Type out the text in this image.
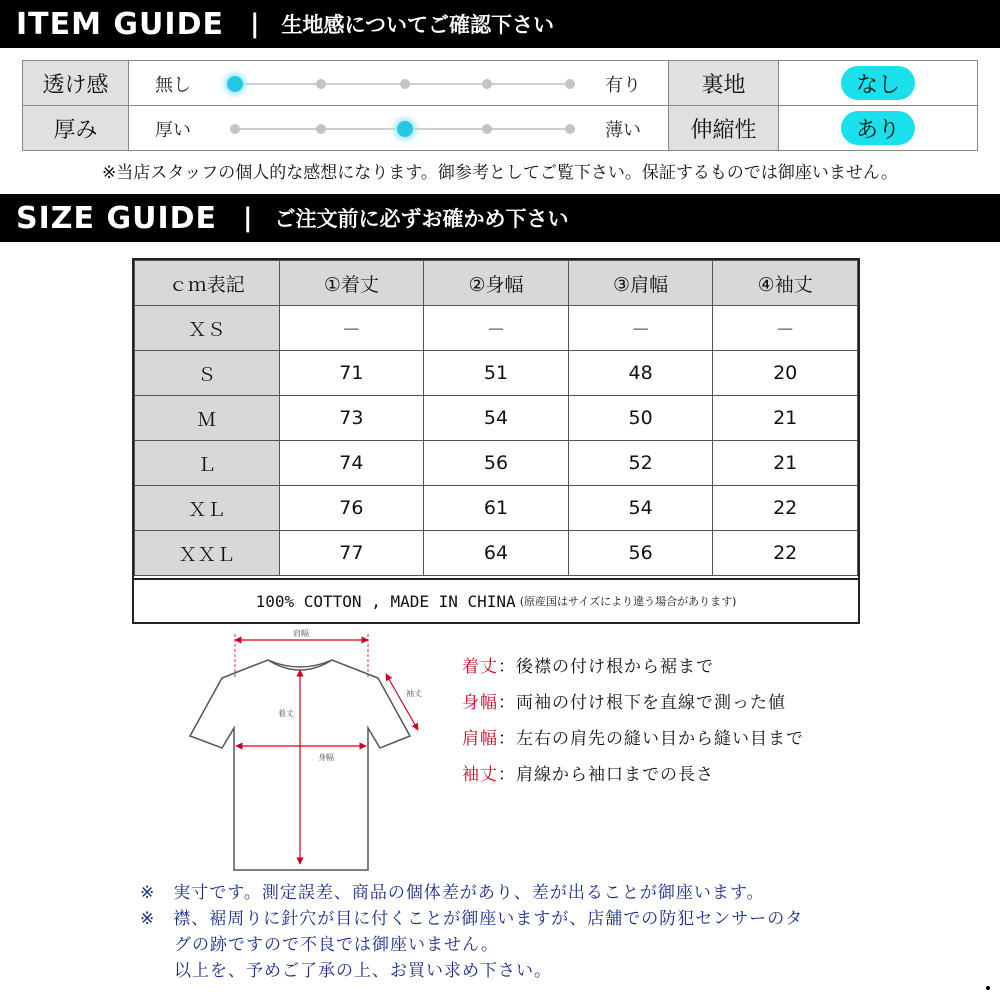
ITEM GUIDE | 生地感についてご確認下さい
透け感	無し	有り	裏地	なし
厚み	厚い	薄い	伸縮性	あり
※当店スタッフの個人的な感想になります。御参考としてご覧下さい。保証するものでは御座いません。
SIZE GUIDE | ご注文前に必ずお確かめ下さい
ｃｍ表記	①着丈	②身幅	③肩幅	④袖丈
ＸＳ	－	－	－	－
Ｓ	71	51	48	20
Ｍ	73	54	50	21
Ｌ	74	56	52	21
ＸＬ	76	61	54	22
ＸＸＬ	77	64	56	22
100% COTTON , MADE IN CHINA (原産国はサイズにより違う場合があります)
肩幅
着丈
身幅
袖丈
着丈 ：後襟の付け根から裾まで
身幅 ：両袖の付け根下を直線で測った値
肩幅 ：左右の肩先の縫い目から縫い目まで
袖丈 ：肩線から袖口までの長さ
※　実寸です。測定誤差、商品の個体差があり、差が出ることが御座います。
※　襟、裾周りに針穴が目に付くことが御座いますが、店舗での防犯センサーのタ
グの跡ですので不良では御座いません。
以上を、予めご了承の上、お買い求め下さい。
